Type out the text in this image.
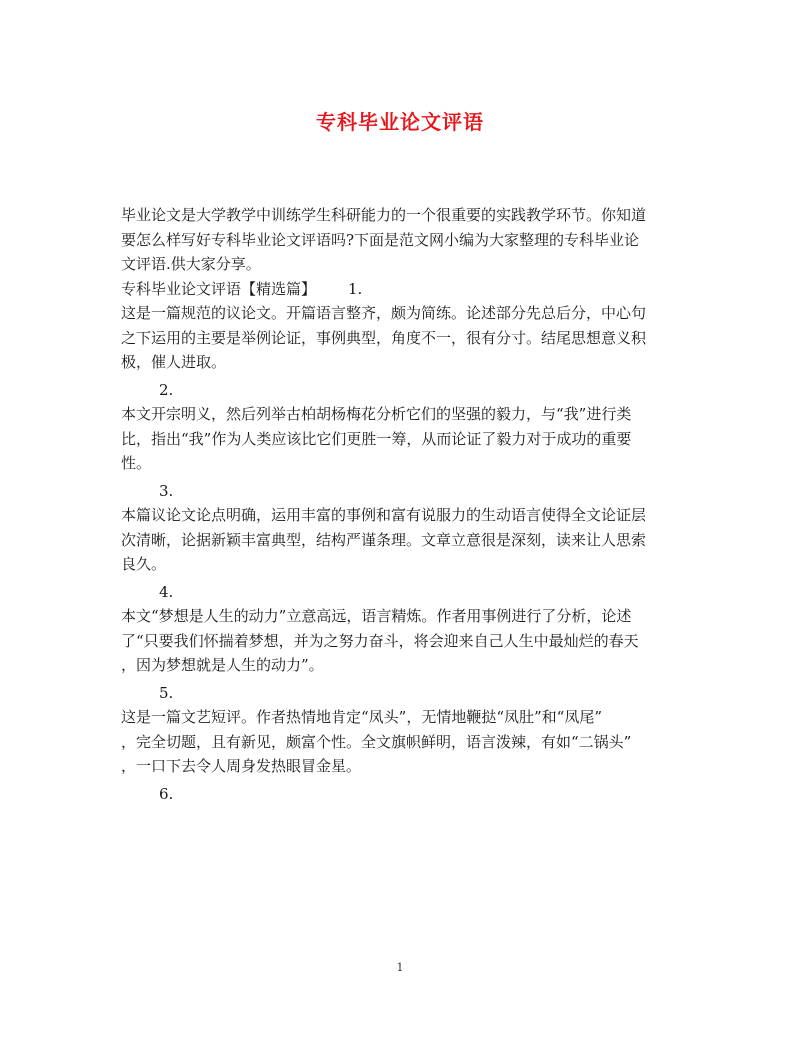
专科毕业论文评语
毕业论文是大学教学中训练学生科研能力的一个很重要的实践教学环节。你知道
要怎么样写好专科毕业论文评语吗?下面是范文网小编为大家整理的专科毕业论
文评语.供大家分享。
专科毕业论文评语【精选篇】 1.
这是一篇规范的议论文。开篇语言整齐，颇为简练。论述部分先总后分，中心句
之下运用的主要是举例论证，事例典型，角度不一，很有分寸。结尾思想意义积
极，催人进取。
2.
本文开宗明义，然后列举古柏胡杨梅花分析它们的坚强的毅力，与“我”进行类
比，指出“我”作为人类应该比它们更胜一筹，从而论证了毅力对于成功的重要
性。
3.
本篇议论文论点明确，运用丰富的事例和富有说服力的生动语言使得全文论证层
次清晰，论据新颖丰富典型，结构严谨条理。文章立意很是深刻，读来让人思索
良久。
4.
本文“梦想是人生的动力”立意高远，语言精炼。作者用事例进行了分析，论述
了“只要我们怀揣着梦想，并为之努力奋斗，将会迎来自己人生中最灿烂的春天
，因为梦想就是人生的动力”。
5.
这是一篇文艺短评。作者热情地肯定“凤头”，无情地鞭挞“凤肚”和“凤尾”
，完全切题，且有新见，颇富个性。全文旗帜鲜明，语言泼辣，有如“二锅头”
，一口下去令人周身发热眼冒金星。
6.
1
